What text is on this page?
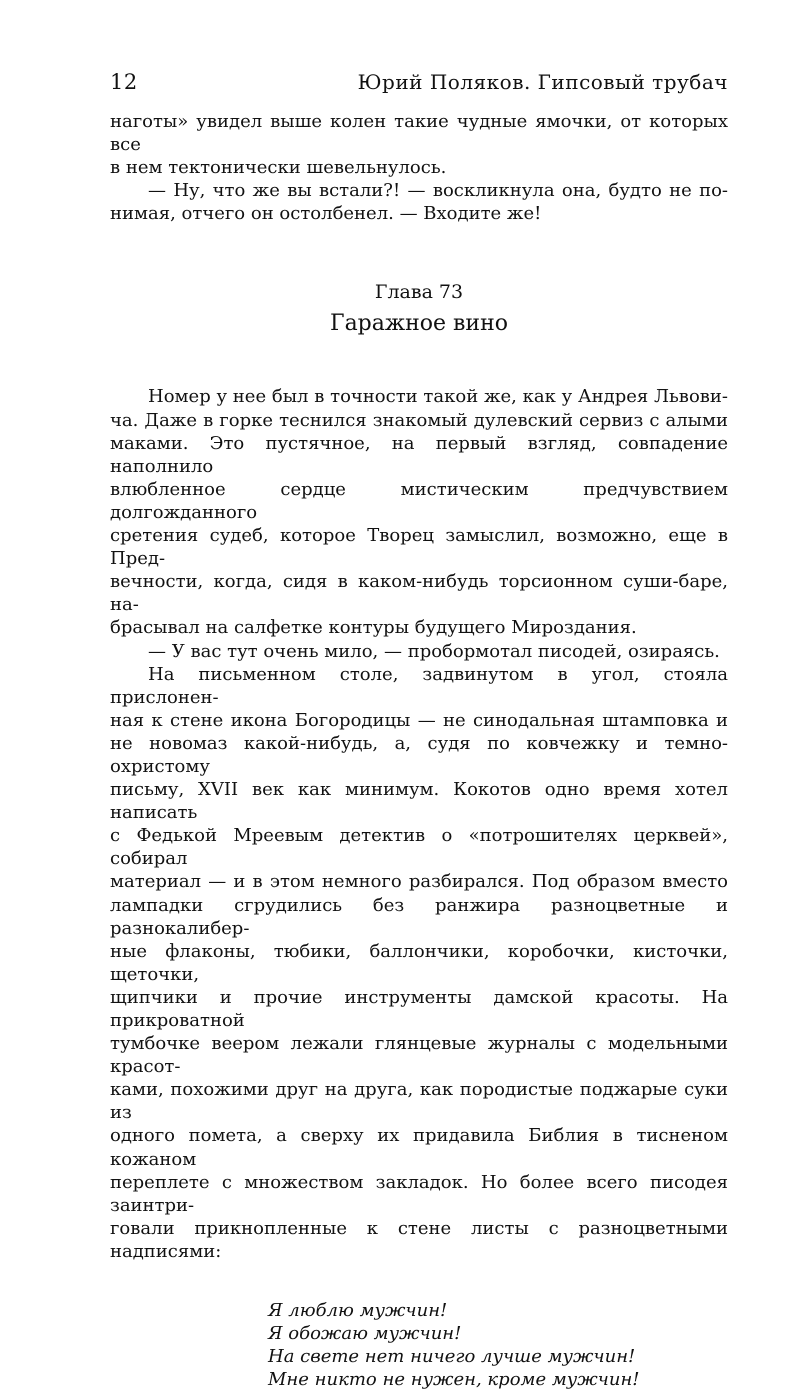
12	Юрий Поляков. Гипсовый трубач
наготы» увидел выше колен такие чудные ямочки, от которых все
в нем тектонически шевельнулось.
— Ну, что же вы встали?! — воскликнула она, будто не по-
нимая, отчего он остолбенел. — Входите же!
Глава 73
Гаражное вино
Номер у нее был в точности такой же, как у Андрея Львови-
ча. Даже в горке теснился знакомый дулевский сервиз с алыми
маками. Это пустячное, на первый взгляд, совпадение наполнило
влюбленное сердце мистическим предчувствием долгожданного
сретения судеб, которое Творец замыслил, возможно, еще в Пред-
вечности, когда, сидя в каком-нибудь торсионном суши-баре, на-
брасывал на салфетке контуры будущего Мироздания.
— У вас тут очень мило, — пробормотал писодей, озираясь.
На письменном столе, задвинутом в угол, стояла прислонен-
ная к стене икона Богородицы — не синодальная штамповка и
не новомаз какой-нибудь, а, судя по ковчежку и темно-охристому
письму, XVII век как минимум. Кокотов одно время хотел написать
с Федькой Мреевым детектив о «потрошителях церквей», собирал
материал — и в этом немного разбирался. Под образом вместо
лампадки сгрудились без ранжира разноцветные и разнокалибер-
ные флаконы, тюбики, баллончики, коробочки, кисточки, щеточки,
щипчики и прочие инструменты дамской красоты. На прикроватной
тумбочке веером лежали глянцевые журналы с модельными красот-
ками, похожими друг на друга, как породистые поджарые суки из
одного помета, а сверху их придавила Библия в тисненом кожаном
переплете с множеством закладок. Но более всего писодея заинтри-
говали прикнопленные к стене листы с разноцветными надписями:
Я люблю мужчин!
Я обожаю мужчин!
На свете нет ничего лучше мужчин!
Мне никто не нужен, кроме мужчин!
